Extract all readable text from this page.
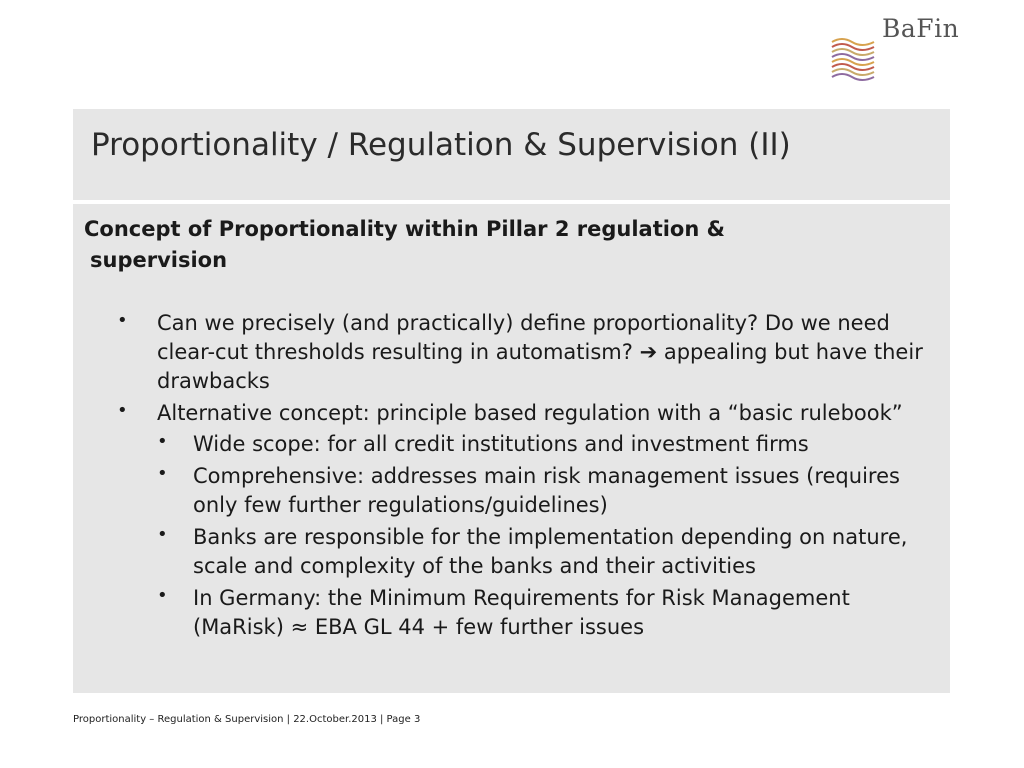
BaFin
Proportionality / Regulation & Supervision (II)
Concept of Proportionality within Pillar 2 regulation &
supervision
• Can we precisely (and practically) define proportionality? Do we need clear-cut thresholds resulting in automatism? ➔ appealing but have their drawbacks
• Alternative concept: principle based regulation with a “basic rulebook”
• Wide scope: for all credit institutions and investment firms
• Comprehensive: addresses main risk management issues (requires only few further regulations/guidelines)
• Banks are responsible for the implementation depending on nature, scale and complexity of the banks and their activities
• In Germany: the Minimum Requirements for Risk Management (MaRisk) ≈ EBA GL 44 + few further issues
Proportionality – Regulation & Supervision | 22.October.2013 | Page 3
